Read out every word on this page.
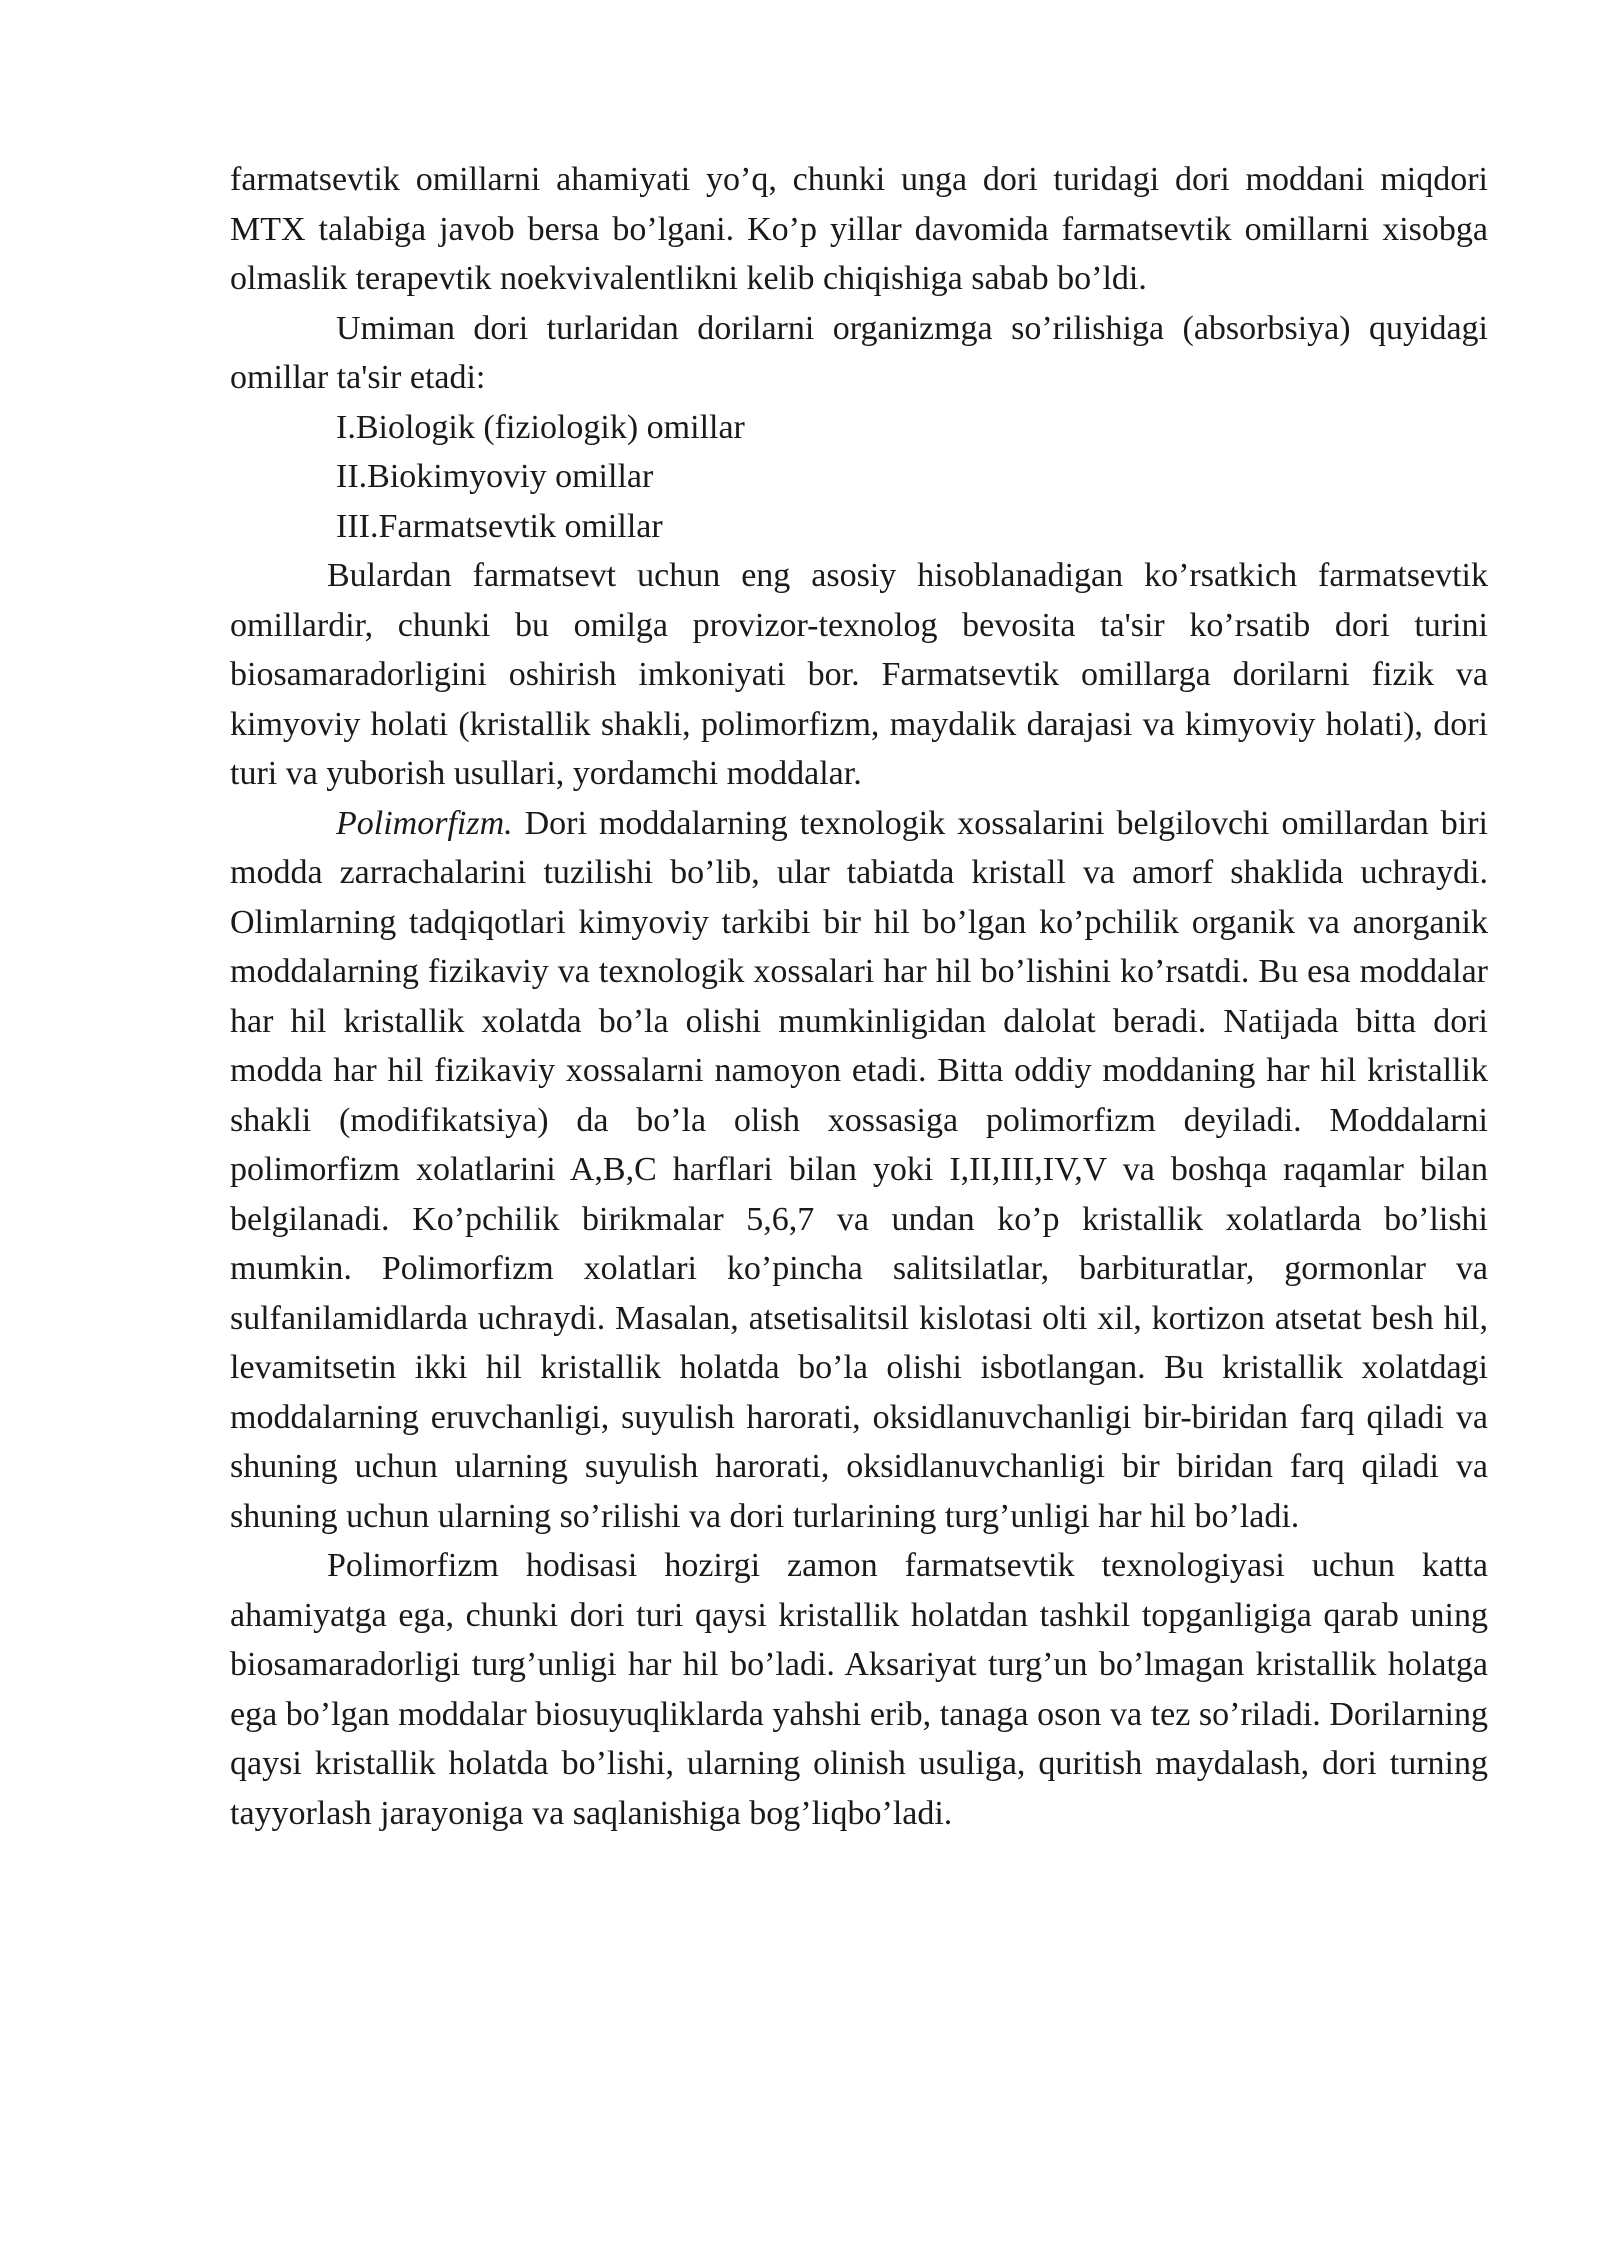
farmatsevtik omillarni ahamiyati yo’q, chunki unga dori turidagi dori moddani miqdori MTX talabiga javob bersa bo’lgani. Ko’p yillar davomida farmatsevtik omillarni xisobga olmaslik terapevtik noekvivalentlikni kelib chiqishiga sabab bo’ldi.

Umiman dori turlaridan dorilarni organizmga so’rilishiga (absorbsiya) quyidagi omillar ta'sir etadi:

I.Biologik (fiziologik) omillar

II.Biokimyoviy omillar

III.Farmatsevtik omillar

Bulardan farmatsevt uchun eng asosiy hisoblanadigan ko’rsatkich farmatsevtik omillardir, chunki bu omilga provizor-texnolog bevosita ta'sir ko’rsatib dori turini biosamaradorligini oshirish imkoniyati bor. Farmatsevtik omillarga dorilarni fizik va kimyoviy holati (kristallik shakli, polimorfizm, maydalik darajasi va kimyoviy holati), dori turi va yuborish usullari, yordamchi moddalar.

Polimorfizm. Dori moddalarning texnologik xossalarini belgilovchi omillardan biri modda zarrachalarini tuzilishi bo’lib, ular tabiatda kristall va amorf shaklida uchraydi. Olimlarning tadqiqotlari kimyoviy tarkibi bir hil bo’lgan ko’pchilik organik va anorganik moddalarning fizikaviy va texnologik xossalari har hil bo’lishini ko’rsatdi. Bu esa moddalar har hil kristallik xolatda bo’la olishi mumkinligidan dalolat beradi. Natijada bitta dori modda har hil fizikaviy xossalarni namoyon etadi. Bitta oddiy moddaning har hil kristallik shakli (modifikatsiya) da bo’la olish xossasiga polimorfizm deyiladi. Moddalarni polimorfizm xolatlarini A,B,C harflari bilan yoki I,II,III,IV,V va boshqa raqamlar bilan belgilanadi. Ko’pchilik birikmalar 5,6,7 va undan ko’p kristallik xolatlarda bo’lishi mumkin. Polimorfizm xolatlari ko’pincha salitsilatlar, barbituratlar, gormonlar va sulfanilamidlarda uchraydi. Masalan, atsetisalitsil kislotasi olti xil, kortizon atsetat besh hil, levamitsetin ikki hil kristallik holatda bo’la olishi isbotlangan. Bu kristallik xolatdagi moddalarning eruvchanligi, suyulish harorati, oksidlanuvchanligi bir-biridan farq qiladi va shuning uchun ularning suyulish harorati, oksidlanuvchanligi bir biridan farq qiladi va shuning uchun ularning so’rilishi va dori turlarining turg’unligi har hil bo’ladi.

Polimorfizm hodisasi hozirgi zamon farmatsevtik texnologiyasi uchun katta ahamiyatga ega, chunki dori turi qaysi kristallik holatdan tashkil topganligiga qarab uning biosamaradorligi turg’unligi har hil bo’ladi. Aksariyat turg’un bo’lmagan kristallik holatga ega bo’lgan moddalar biosuyuqliklarda yahshi erib, tanaga oson va tez so’riladi. Dorilarning qaysi kristallik holatda bo’lishi, ularning olinish usuliga, quritish maydalash, dori turning tayyorlash jarayoniga va saqlanishiga bog’liqbo’ladi.
